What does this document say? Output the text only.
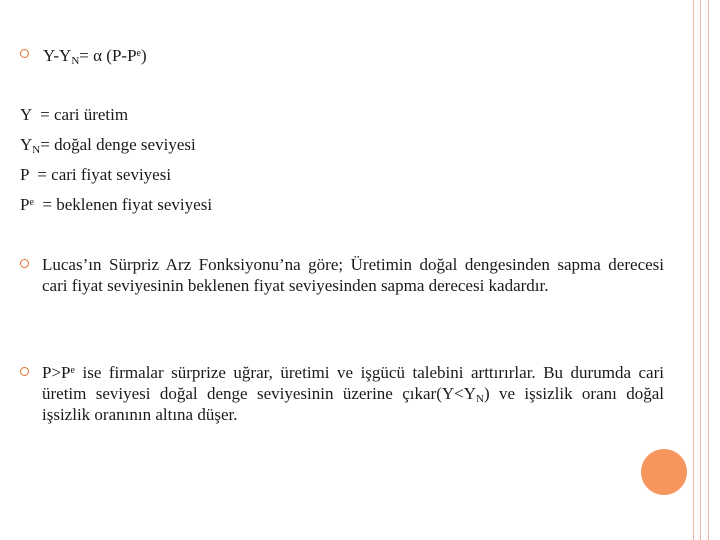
$Y-Y_N= \alpha$ $(P-P^e)$
Y  = cari üretim
$Y_N=$ doğal denge seviyesi
P  = cari fiyat seviyesi
$P^e$  = beklenen fiyat seviyesi
Lucas’ın Sürpriz Arz Fonksiyonu’na göre; Üretimin doğal dengesinden sapma derecesi cari fiyat seviyesinin beklenen fiyat seviyesinden sapma derecesi kadardır.
$P>P^e$ ise firmalar sürprize uğrar, üretimi ve işgücü talebini arttırırlar. Bu durumda cari üretim seviyesi doğal denge seviyesinin üzerine $çıkar(Y<Y_N)$ ve işsizlik oranı doğal işsizlik oranının altına düşer.
